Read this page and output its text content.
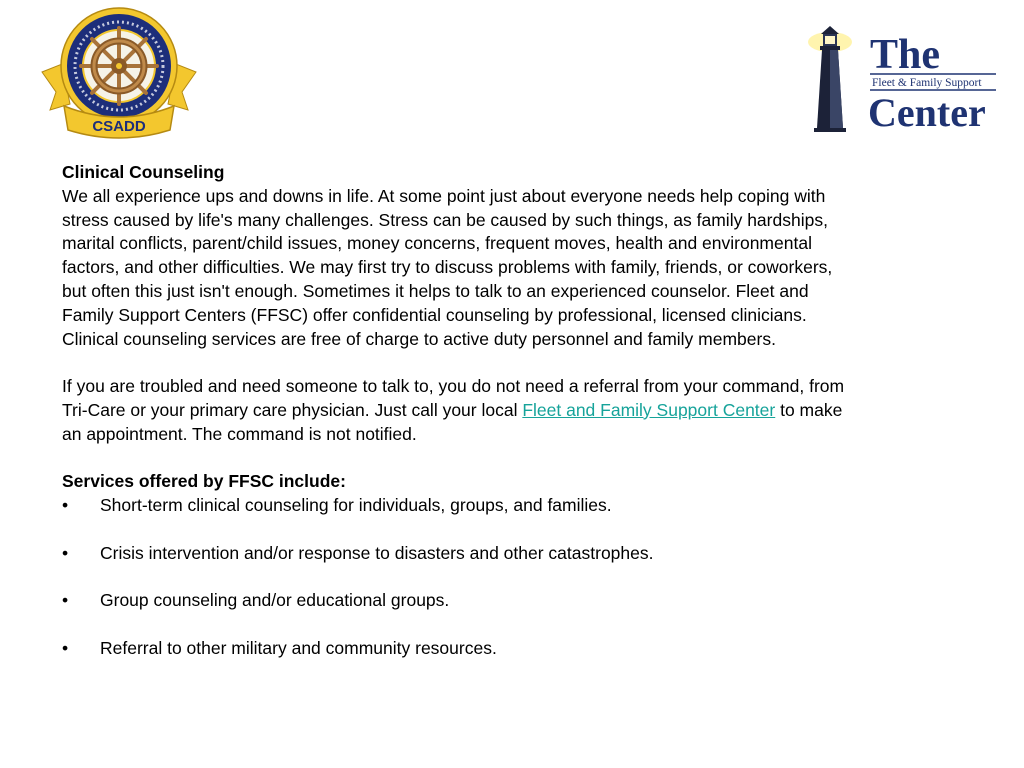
CSADD
The
Fleet & Family Support
Center

Clinical Counseling

We all experience ups and downs in life. At some point just about everyone needs help coping with

stress caused by life's many challenges. Stress can be caused by such things, as family hardships,

marital conflicts, parent/child issues, money concerns, frequent moves, health and environmental

factors, and other difficulties. We may first try to discuss problems with family, friends, or coworkers,

but often this just isn't enough. Sometimes it helps to talk to an experienced counselor. Fleet and

Family Support Centers (FFSC) offer confidential counseling by professional, licensed clinicians.

Clinical counseling services are free of charge to active duty personnel and family members.

If you are troubled and need someone to talk to, you do not need a referral from your command, from

Tri-Care or your primary care physician. Just call your local Fleet and Family Support Center to make

an appointment. The command is not notified.

Services offered by FFSC include:

•	Short-term clinical counseling for individuals, groups, and families.
•	Crisis intervention and/or response to disasters and other catastrophes.
•	Group counseling and/or educational groups.
•	Referral to other military and community resources.
